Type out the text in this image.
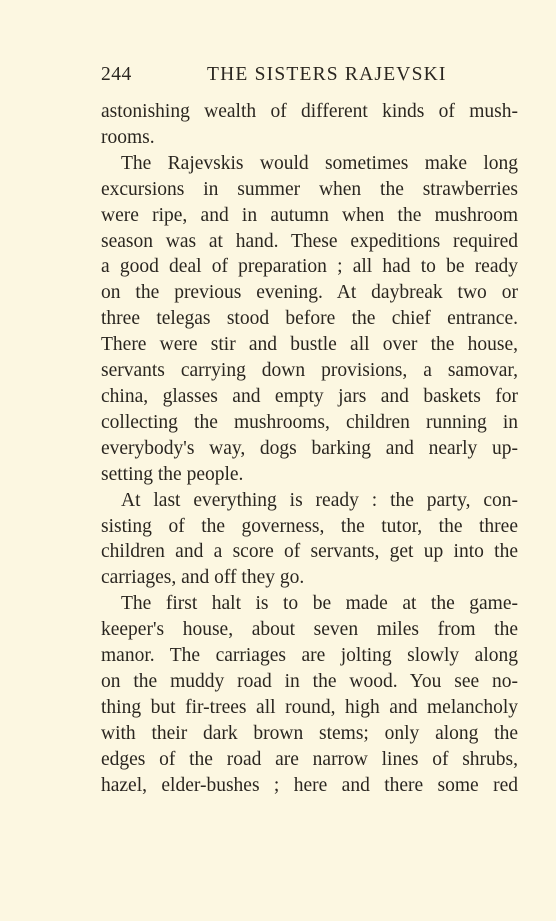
244	THE SISTERS RAJEVSKI

astonishing wealth of different kinds of mush-
rooms.

The Rajevskis would sometimes make long
excursions in summer when the strawberries
were ripe, and in autumn when the mushroom
season was at hand. These expeditions required
a good deal of preparation ; all had to be ready
on the previous evening. At daybreak two or
three telegas stood before the chief entrance.
There were stir and bustle all over the house,
servants carrying down provisions, a samovar,
china, glasses and empty jars and baskets for
collecting the mushrooms, children running in
everybody's way, dogs barking and nearly up-
setting the people.

At last everything is ready : the party, con-
sisting of the governess, the tutor, the three
children and a score of servants, get up into the
carriages, and off they go.

The first halt is to be made at the game-
keeper's house, about seven miles from the
manor. The carriages are jolting slowly along
on the muddy road in the wood. You see no-
thing but fir-trees all round, high and melancholy
with their dark brown stems; only along the
edges of the road are narrow lines of shrubs,
hazel, elder-bushes ; here and there some red
